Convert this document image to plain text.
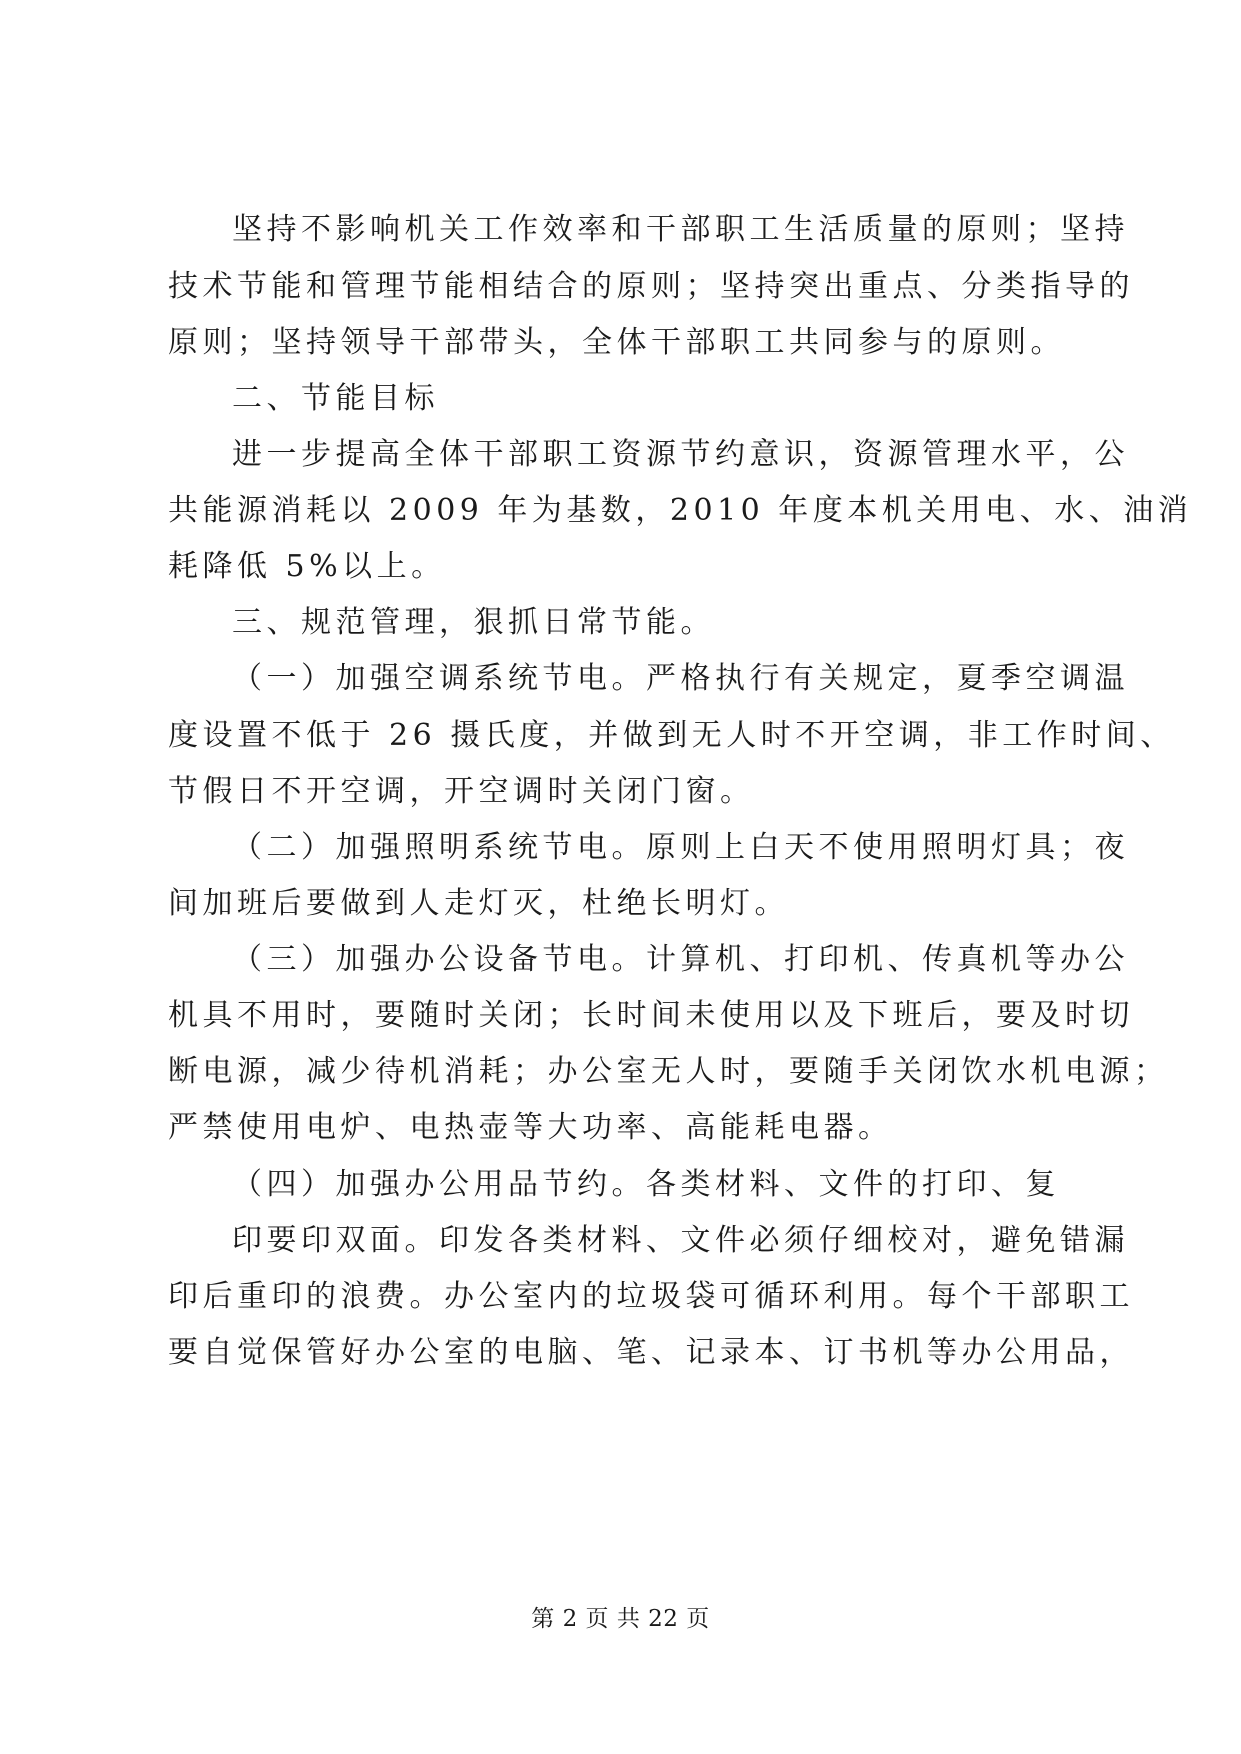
坚持不影响机关工作效率和干部职工生活质量的原则；坚持
技术节能和管理节能相结合的原则；坚持突出重点、分类指导的
原则；坚持领导干部带头，全体干部职工共同参与的原则。
二、节能目标
进一步提高全体干部职工资源节约意识，资源管理水平，公
共能源消耗以 2009 年为基数，2010 年度本机关用电、水、油消
耗降低 5%以上。
三、规范管理，狠抓日常节能。
（一）加强空调系统节电。严格执行有关规定，夏季空调温
度设置不低于 26 摄氏度，并做到无人时不开空调，非工作时间、
节假日不开空调，开空调时关闭门窗。
（二）加强照明系统节电。原则上白天不使用照明灯具；夜
间加班后要做到人走灯灭，杜绝长明灯。
（三）加强办公设备节电。计算机、打印机、传真机等办公
机具不用时，要随时关闭；长时间未使用以及下班后，要及时切
断电源，减少待机消耗；办公室无人时，要随手关闭饮水机电源；
严禁使用电炉、电热壶等大功率、高能耗电器。
（四）加强办公用品节约。各类材料、文件的打印、复
印要印双面。印发各类材料、文件必须仔细校对，避免错漏
印后重印的浪费。办公室内的垃圾袋可循环利用。每个干部职工
要自觉保管好办公室的电脑、笔、记录本、订书机等办公用品，
第 2 页 共 22 页
